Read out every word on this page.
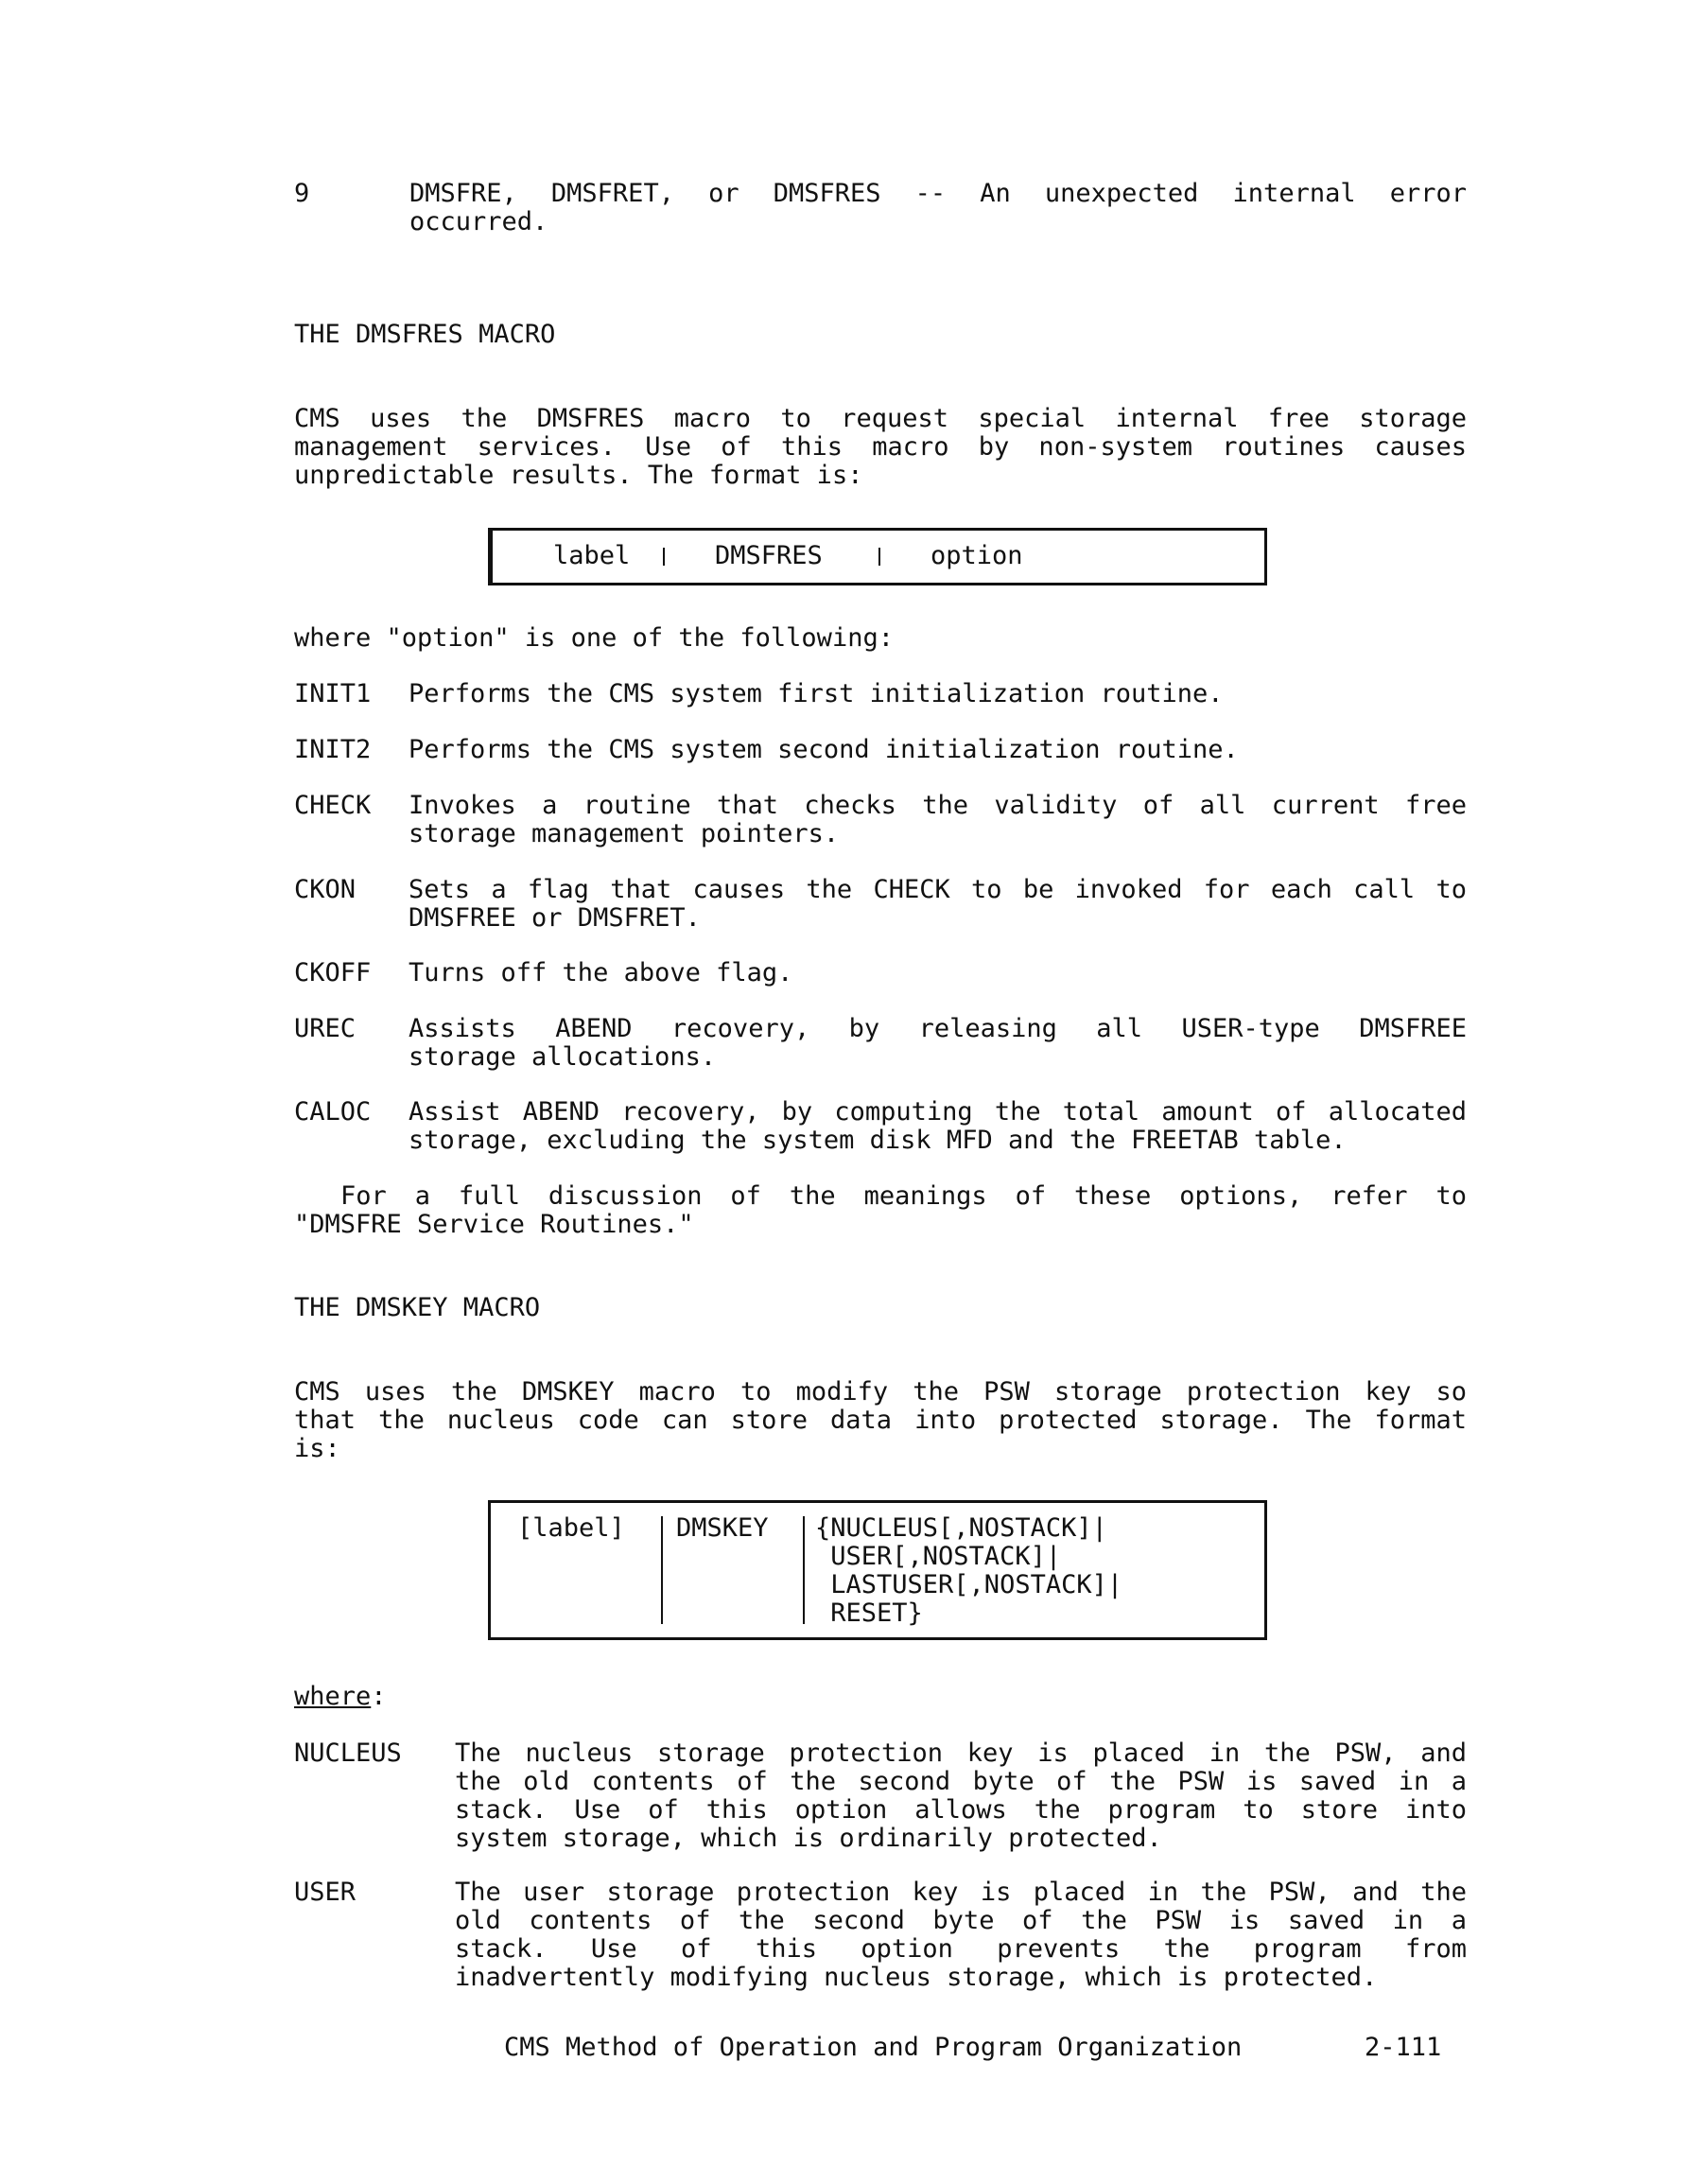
9	DMSFRE, DMSFRET, or DMSFRES -- An unexpected internal error
occurred.
THE DMSFRES MACRO
CMS uses the DMSFRES macro to request special internal free storage
management services. Use of this macro by non-system routines causes
unpredictable results. The format is:
label	DMSFRES	option
where "option" is one of the following:
INIT1 Performs the CMS system first initialization routine.
INIT2 Performs the CMS system second initialization routine.
CHECK Invokes a routine that checks the validity of all current free
storage management pointers.
CKON Sets a flag that causes the CHECK to be invoked for each call to
DMSFREE or DMSFRET.
CKOFF Turns off the above flag.
UREC Assists ABEND recovery, by releasing all USER-type DMSFREE
storage allocations.
CALOC Assist ABEND recovery, by computing the total amount of allocated
storage, excluding the system disk MFD and the FREETAB table.
For a full discussion of the meanings of these options, refer to
"DMSFRE Service Routines."
THE DMSKEY MACRO
CMS uses the DMSKEY macro to modify the PSW storage protection key so
that the nucleus code can store data into protected storage. The format
is:
[label] DMSKEY {NUCLEUS[,NOSTACK]|
USER[,NOSTACK]|
LASTUSER[,NOSTACK]|
RESET}
where:
NUCLEUS The nucleus storage protection key is placed in the PSW, and
the old contents of the second byte of the PSW is saved in a
stack. Use of this option allows the program to store into
system storage, which is ordinarily protected.
USER	The user storage protection key is placed in the PSW, and the
old contents of the second byte of the PSW is saved in a
stack. Use of this option prevents the program from
inadvertently modifying nucleus storage, which is protected.
CMS Method of Operation and Program Organization	2-111
